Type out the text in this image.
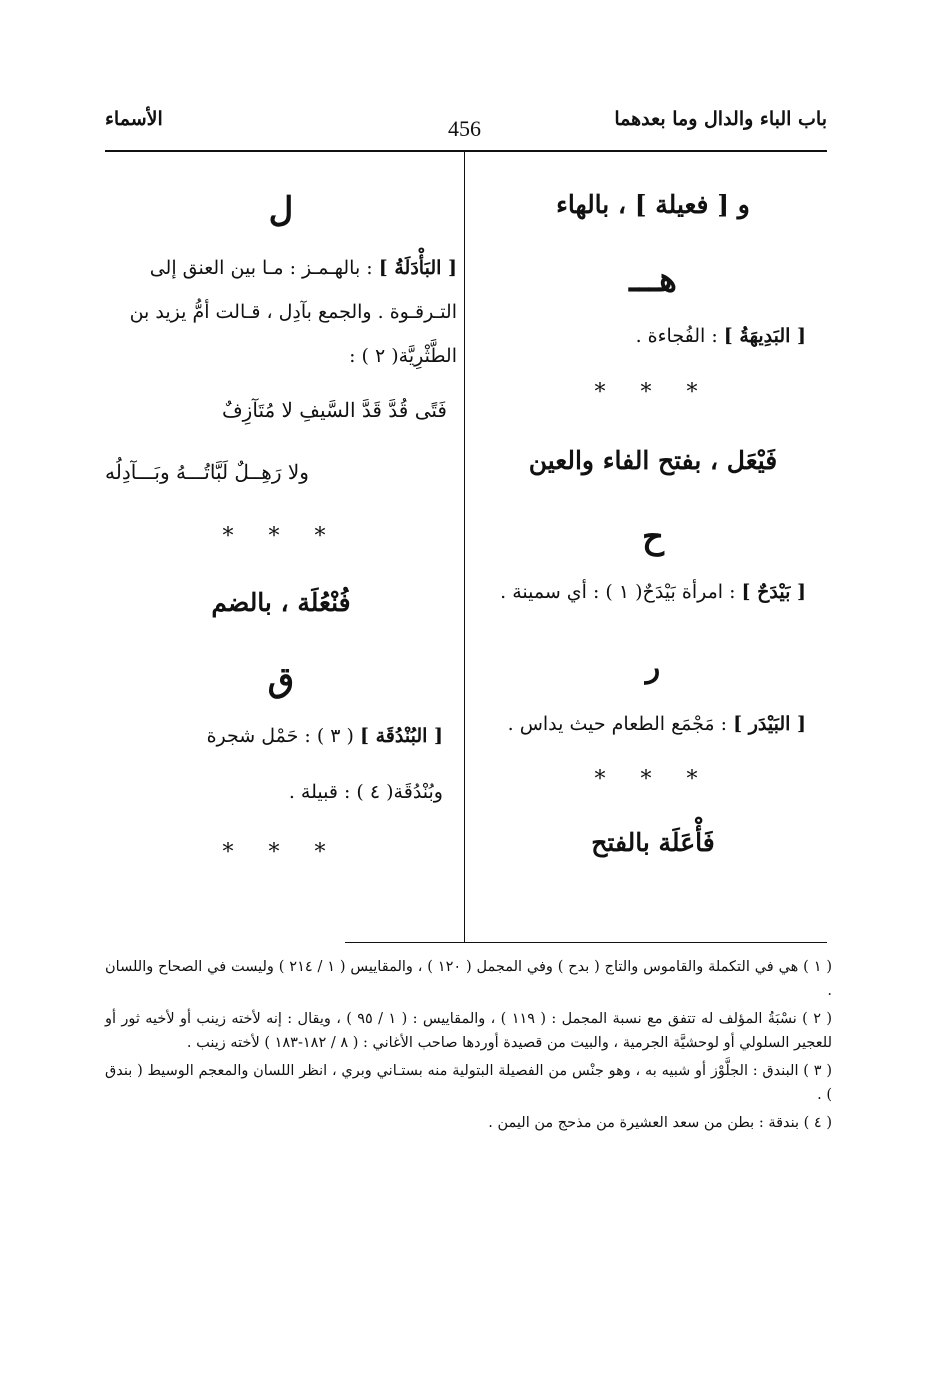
باب الباء والدال وما بعدهما
456
الأسماء
و [ فعيلة ] ، بالهاء
هـــ
[ البَدِيهَةُ ] : الفُجاءة .
* * *
فَيْعَل ، بفتح الفاء والعين
ح
[ بَيْدَحٌ ] : امرأة بَيْدَحٌ( ١ ) : أي سمينة .
ر
[ البَيْدَر ] : مَجْمَع الطعام حيث يداس .
* * *
فَأْعَلَة بالفتح
ل
[ البَأْدَلَةُ ] : بالهـمـز : مـا بين العنق إلى التـرقـوة . والجمع بآدِل ، قـالت أمُّ يزيد بن الطَّثْرِيَّة( ٢ ) :
فَتًى قُدَّ قَدَّ السَّيفِ لا مُتَآزِفٌ
ولا رَهِــلٌ لَبَّاتُـــهُ وبَـــآدِلُه
* * *
فُنْعُلَة ، بالضم
ق
[ البُنْدُقَة ] ( ٣ ) : حَمْل شجرة
وبُنْدُقَة( ٤ ) : قبيلة .
* * *
( ١ ) هي في التكملة والقاموس والتاج ( بدح ) وفي المجمل ( ١٢٠ ) ، والمقاييس ( ١ / ٢١٤ ) وليست في الصحاح واللسان .
( ٢ ) نسْبَةُ المؤلف له تتفق مع نسبة المجمل : ( ١١٩ ) ، والمقاييس : ( ١ / ٩٥ ) ، ويقال : إنه لأخته زينب أو لأخيه ثور أو للعجير السلولي أو لوحشيَّة الجرمية ، والبيت من قصيدة أوردها صاحب الأغاني : ( ٨ / ١٨٢-١٨٣ ) لأخته زينب .
( ٣ ) البندق : الجلَّوْز أو شبيه به ، وهو جنْس من الفصيلة البتولية منه بستـاني وبري ، انظر اللسان والمعجم الوسيط ( بندق ) .
( ٤ ) بندقة : بطن من سعد العشيرة من مذحج من اليمن .
